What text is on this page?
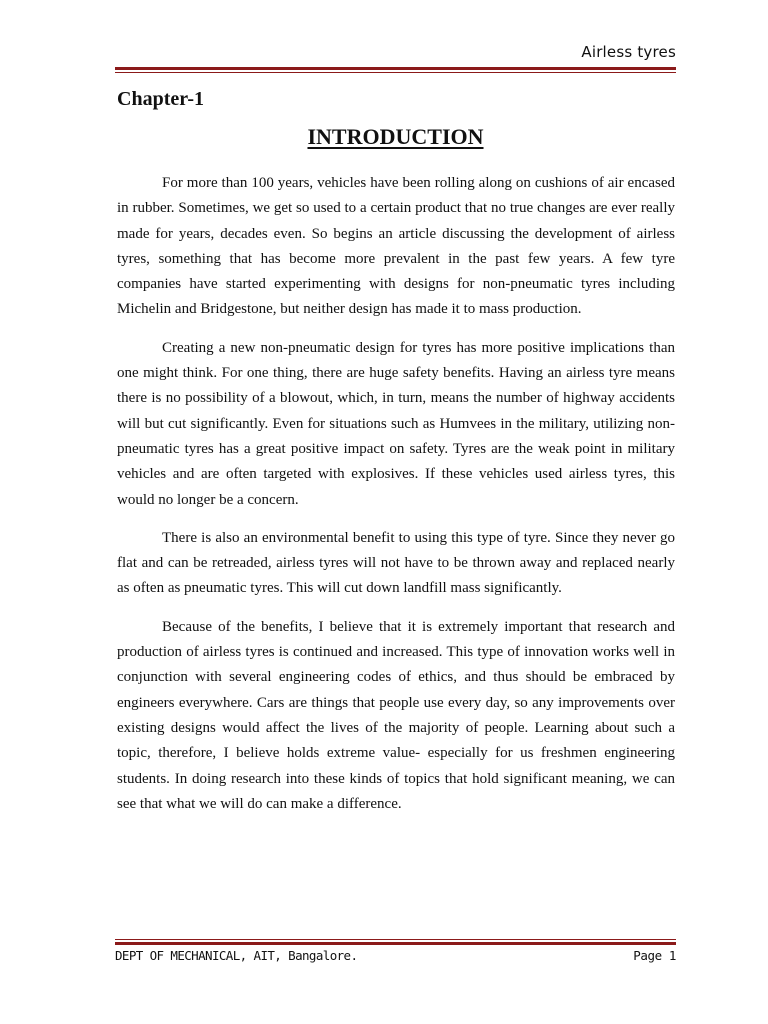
Airless tyres
Chapter-1
INTRODUCTION

For more than 100 years, vehicles have been rolling along on cushions of air encased in rubber. Sometimes, we get so used to a certain product that no true changes are ever really made for years, decades even. So begins an article discussing the development of airless tyres, something that has become more prevalent in the past few years. A few tyre companies have started experimenting with designs for non-pneumatic tyres including Michelin and Bridgestone, but neither design has made it to mass production.

Creating a new non-pneumatic design for tyres has more positive implications than one might think. For one thing, there are huge safety benefits. Having an airless tyre means there is no possibility of a blowout, which, in turn, means the number of highway accidents will but cut significantly. Even for situations such as Humvees in the military, utilizing non-pneumatic tyres has a great positive impact on safety. Tyres are the weak point in military vehicles and are often targeted with explosives. If these vehicles used airless tyres, this would no longer be a concern.

There is also an environmental benefit to using this type of tyre. Since they never go flat and can be retreaded, airless tyres will not have to be thrown away and replaced nearly as often as pneumatic tyres. This will cut down landfill mass significantly.

Because of the benefits, I believe that it is extremely important that research and production of airless tyres is continued and increased. This type of innovation works well in conjunction with several engineering codes of ethics, and thus should be embraced by engineers everywhere. Cars are things that people use every day, so any improvements over existing designs would affect the lives of the majority of people. Learning about such a topic, therefore, I believe holds extreme value- especially for us freshmen engineering students. In doing research into these kinds of topics that hold significant meaning, we can see that what we will do can make a difference.

DEPT OF MECHANICAL, AIT, Bangalore.	Page 1
